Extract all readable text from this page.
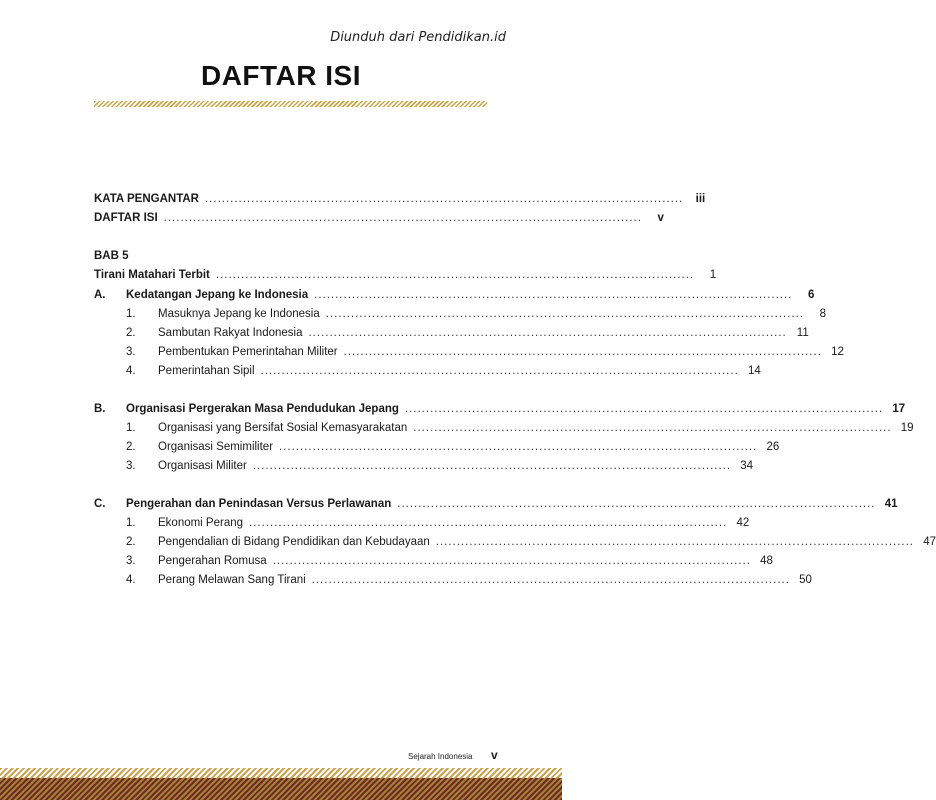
Diunduh dari Pendidikan.id
DAFTAR ISI
KATA PENGANTAR ..................................................................................................................	iii
DAFTAR ISI ..................................................................................................................	v
BAB 5
Tirani Matahari Terbit ..................................................................................................................	1
A.	Kedatangan Jepang ke Indonesia ..................................................................................................................	6
1.	Masuknya Jepang ke Indonesia ..................................................................................................................	8
2.	Sambutan Rakyat Indonesia .................................................................................................................. 11
3.	Pembentukan Pemerintahan Militer .................................................................................................................. 12
4.	Pemerintahan Sipil .................................................................................................................. 14
B.	Organisasi Pergerakan Masa Pendudukan Jepang .................................................................................................................. 17
1.	Organisasi yang Bersifat Sosial Kemasyarakatan .................................................................................................................. 19
2.	Organisasi Semimiliter .................................................................................................................. 26
3.	Organisasi Militer .................................................................................................................. 34
C.	Pengerahan dan Penindasan Versus Perlawanan .................................................................................................................. 41
1.	Ekonomi Perang .................................................................................................................. 42
2.	Pengendalian di Bidang Pendidikan dan Kebudayaan .................................................................................................................. 47
3.	Pengerahan Romusa .................................................................................................................. 48
4.	Perang Melawan Sang Tirani .................................................................................................................. 50
Sejarah Indonesia v
